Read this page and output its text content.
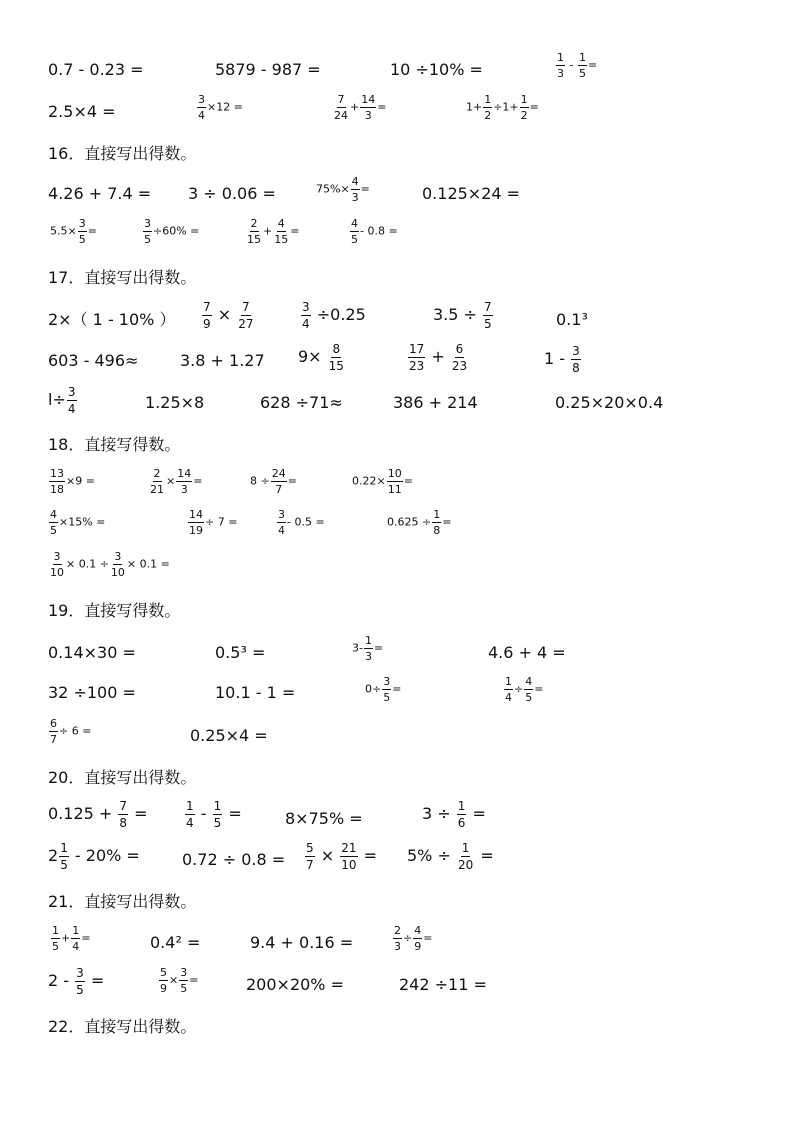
16．直接写出得数。
17．直接写出得数。
18．直接写得数。
19．直接写得数。
20．直接写出得数。
21．直接写出得数。
22．直接写出得数。
0.7 - 0.23 =	5879 - 987 =	10 ÷10% =	$\frac{1}{3} - \frac{1}{5}$ =
2.5×4 =	$\frac{3}{4} \times 12$ =	$\frac{7}{24} + \frac{14}{3}$ =	$1+ \frac{1}{2} \div 1+ \frac{1}{2}$ =
4.26 + 7.4 = 3 ÷ 0.06 =	$75\%\times \frac{4}{3}$ =	0.125×24 =
$5.5\times \frac{3}{5}$ =	$\frac{3}{5} \div 60\%$ =	$\frac{2}{15} + \frac{4}{15}$ =	$\frac{4}{5} - 0.8$ =
2×（ 1 - 10% ） $\frac{7}{9} \times \frac{7}{27}$	$\frac{3}{4} \div 0.25$	$3.5 \div \frac{7}{5}$	0.1³
603 - 496≈	3.8 + 1.27 $9\times \frac{8}{15}$	$\frac{17}{23} + \frac{6}{23}$	$1 - \frac{3}{8}$
$l\div \frac{3}{4}$	1.25×8	628 ÷71≈	386 + 214	0.25×20×0.4
$\frac{13}{18} \times 9$ =	$\frac{2}{21} \times \frac{14}{3}$ =	$8 \div \frac{24}{7}$ =	$0.22\times \frac{10}{11}$ =
$\frac{4}{5} \times 15\%$ =	$\frac{14}{19} \div 7$ =	$\frac{3}{4} - 0.5$ =	$0.625 \div \frac{1}{8}$ =
$\frac{3}{10} \times 0.1 \div \frac{3}{10} \times 0.1$ =
0.14×30 =	0.5³ =	$3- \frac{1}{3}$ =	4.6 + 4 =
32 ÷100 =	10.1 - 1 =	$0\div \frac{3}{5}$ =	$\frac{1}{4} \div \frac{4}{5}$ =
$\frac{6}{7} \div 6$ =	0.25×4 =
$0.125 + \frac{7}{8}$ =	$\frac{1}{4} - \frac{1}{5}$ =	8×75% =	$3 \div \frac{1}{6}$ =
$2 \frac{1}{5} - 20\%$ =	$0.72 \div 0.8 = \frac{5}{7} \times \frac{21}{10} = 5\% \div \frac{1}{20}$ =
$\frac{1}{5} + \frac{1}{4}$ =	0.4² =	9.4 + 0.16 =	$\frac{2}{3} \div \frac{4}{9}$ =
$2 - \frac{3}{5}$ =	$\frac{5}{9} \times \frac{3}{5}$ =	200×20% =	242 ÷11 =
